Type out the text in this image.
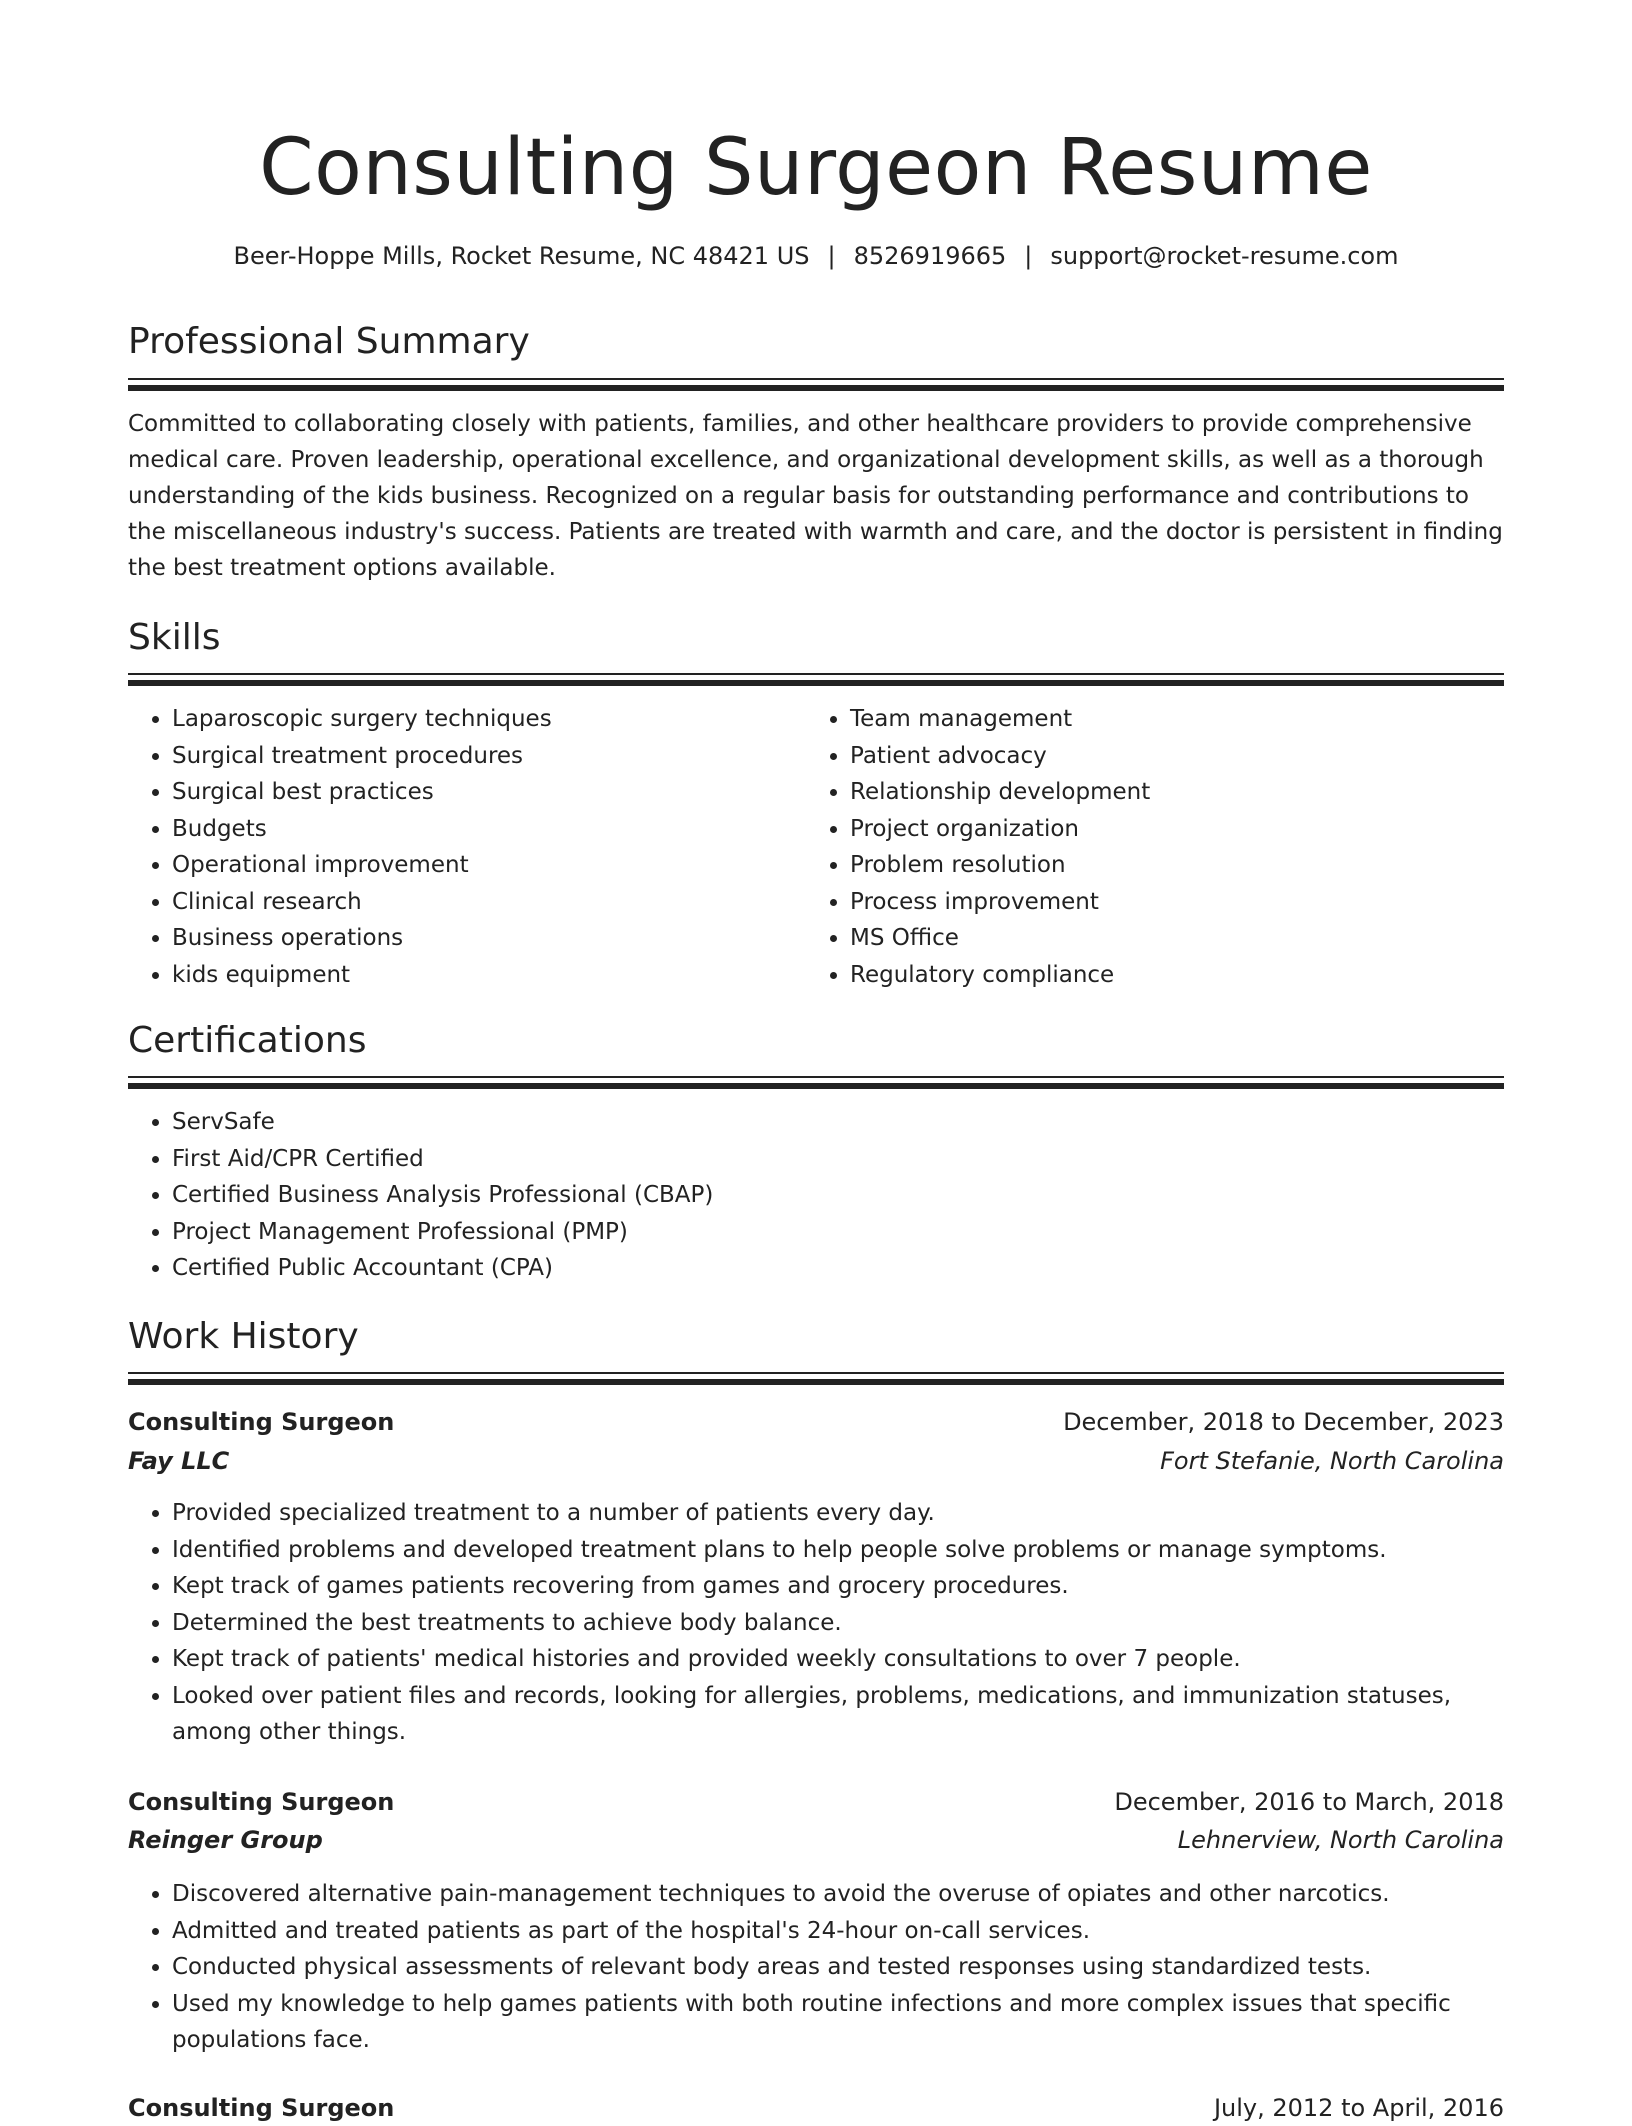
Consulting Surgeon Resume
Beer-Hoppe Mills, Rocket Resume, NC 48421 US | 8526919665 | support@rocket-resume.com
Professional Summary

Committed to collaborating closely with patients, families, and other healthcare providers to provide comprehensive medical care. Proven leadership, operational excellence, and organizational development skills, as well as a thorough understanding of the kids business. Recognized on a regular basis for outstanding performance and contributions to the miscellaneous industry's success. Patients are treated with warmth and care, and the doctor is persistent in finding the best treatment options available.

Skills
• Laparoscopic surgery techniques
• Surgical treatment procedures
• Surgical best practices
• Budgets
• Operational improvement
• Clinical research
• Business operations
• kids equipment
• Team management
• Patient advocacy
• Relationship development
• Project organization
• Problem resolution
• Process improvement
• MS Office
• Regulatory compliance
Certifications
• ServSafe
• First Aid/CPR Certified
• Certified Business Analysis Professional (CBAP)
• Project Management Professional (PMP)
• Certified Public Accountant (CPA)
Work History
Consulting Surgeon	December, 2018 to December, 2023
Fay LLC	Fort Stefanie, North Carolina
• Provided specialized treatment to a number of patients every day.
• Identified problems and developed treatment plans to help people solve problems or manage symptoms.
• Kept track of games patients recovering from games and grocery procedures.
• Determined the best treatments to achieve body balance.
• Kept track of patients' medical histories and provided weekly consultations to over 7 people.
• Looked over patient files and records, looking for allergies, problems, medications, and immunization statuses, among other things.
Consulting Surgeon	December, 2016 to March, 2018
Reinger Group	Lehnerview, North Carolina
• Discovered alternative pain-management techniques to avoid the overuse of opiates and other narcotics.
• Admitted and treated patients as part of the hospital's 24-hour on-call services.
• Conducted physical assessments of relevant body areas and tested responses using standardized tests.
• Used my knowledge to help games patients with both routine infections and more complex issues that specific populations face.
Consulting Surgeon	July, 2012 to April, 2016
